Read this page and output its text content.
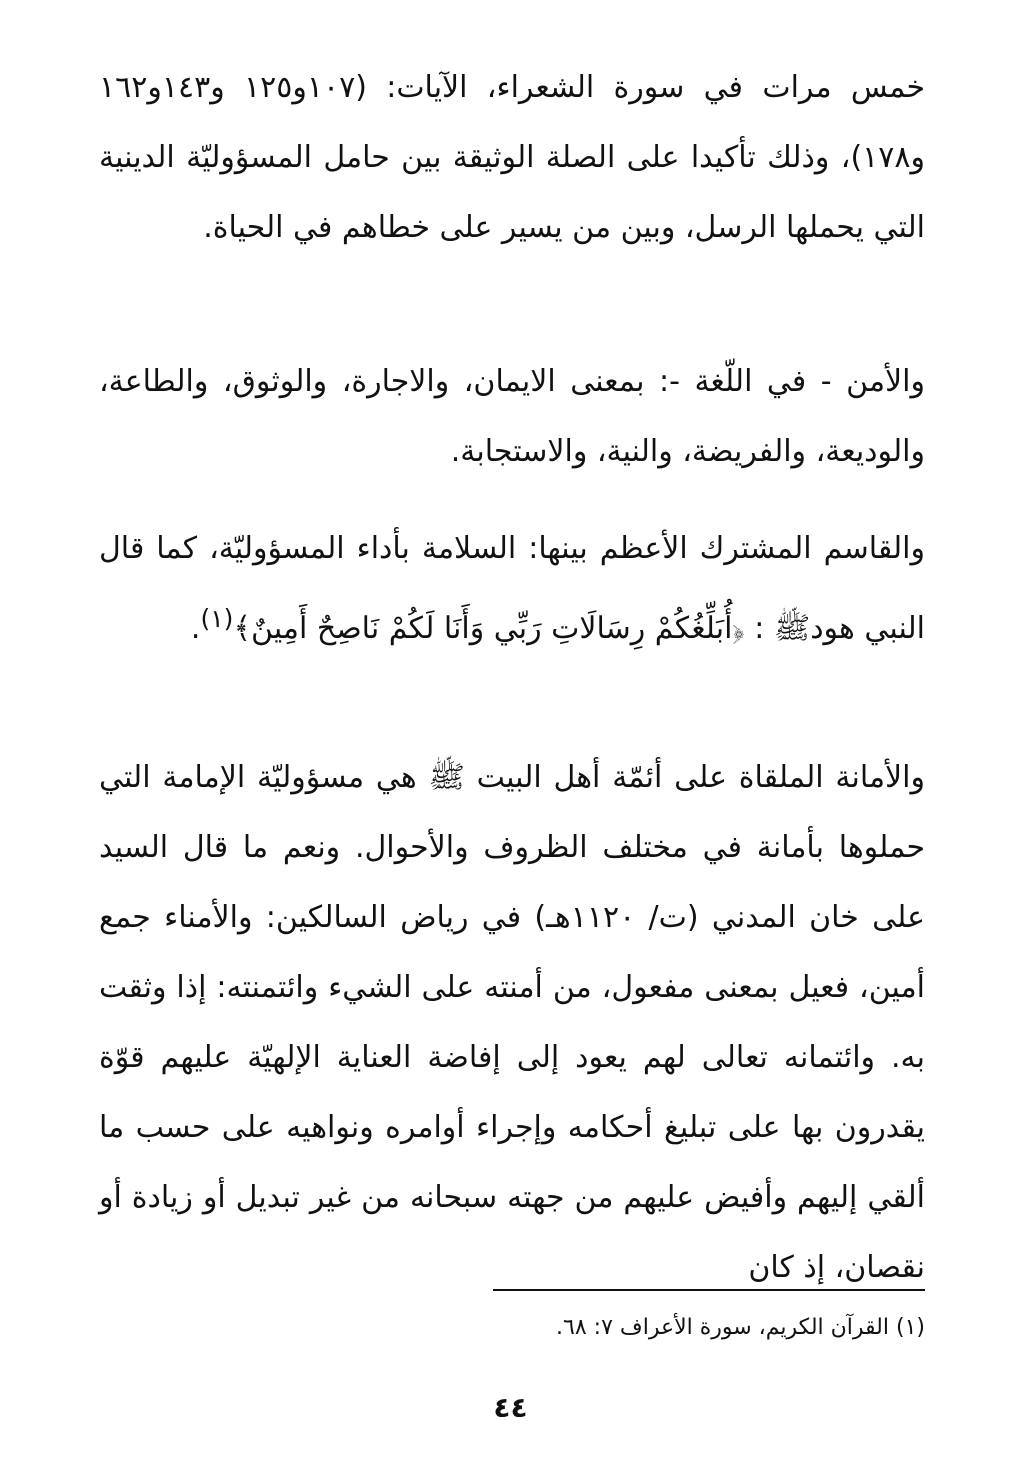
خمس مرات في سورة الشعراء، الآيات: (١٠٧و١٢٥ و١٤٣و١٦٢ و١٧٨)، وذلك تأكيدا على الصلة الوثيقة بين حامل المسؤوليّة الدينية التي يحملها الرسل، وبين من يسير على خطاهم في الحياة.

والأمن - في اللّغة -: بمعنى الايمان، والاجارة، والوثوق، والطاعة، والوديعة، والفريضة، والنية، والاستجابة.

والقاسم المشترك الأعظم بينها: السلامة بأداء المسؤوليّة، كما قال النبي هودﷺ : ﴿أُبَلِّغُكُمْ رِسَالَاتِ رَبِّي وَأَنَا لَكُمْ نَاصِحٌ أَمِينٌ﴾$^{(١)}$.

والأمانة الملقاة على أئمّة أهل البيت ﷺ هي مسؤوليّة الإمامة التي حملوها بأمانة في مختلف الظروف والأحوال. ونعم ما قال السيد على خان المدني (ت/ ١١٢٠هـ) في رياض السالكين: والأمناء جمع أمين، فعيل بمعنى مفعول، من أمنته على الشيء وائتمنته: إذا وثقت به. وائتمانه تعالى لهم يعود إلى إفاضة العناية الإلهيّة عليهم قوّة يقدرون بها على تبليغ أحكامه وإجراء أوامره ونواهيه على حسب ما ألقي إليهم وأفيض عليهم من جهته سبحانه من غير تبديل أو زيادة أو نقصان، إذ كان

(١) القرآن الكريم، سورة الأعراف ٧: ٦٨.

٤٤
